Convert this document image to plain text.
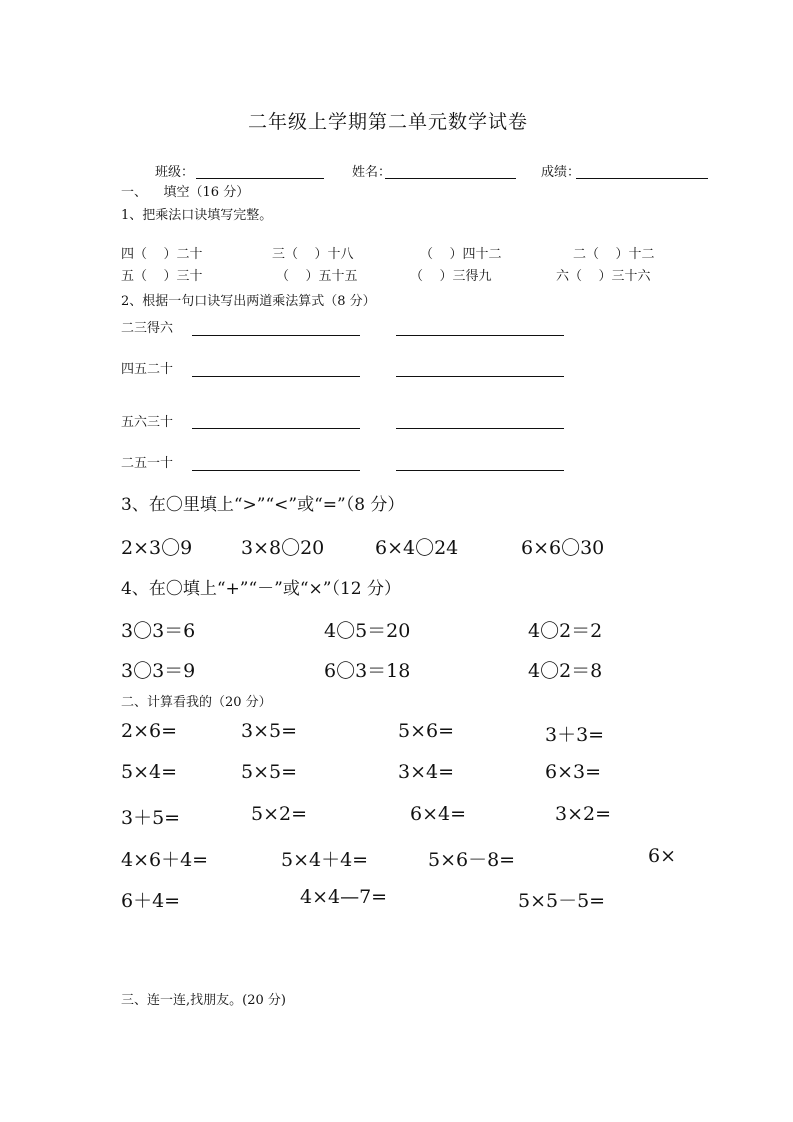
二年级上学期第二单元数学试卷
班级：	姓名：	成绩：
一、    填空（16 分）
1、把乘法口诀填写完整。
四（    ）二十	三（    ）十八	（    ）四十二	二（    ）十二
五（    ）三十	（    ）五十五	（    ）三得九	六（    ）三十六
2、根据一句口诀写出两道乘法算式（8 分）
二三得六
四五二十
五六三十
二五一十
3、在〇里填上“>”“<”或“=”（8 分）
2×3〇9	3×8〇20	6×4〇24	6×6〇30
4、在〇填上“+”“－”或“×”（12 分）
3〇3＝6	4〇5＝20	4〇2＝2
3〇3＝9	6〇3＝18	4〇2＝8
二、计算看我的（20 分）
2×6=	3×5=	5×6=	3＋3=
5×4=	5×5=	3×4=	6×3=
3＋5=	5×2=	6×4=	3×2=
4×6＋4=	5×4＋4=	5×6－8=	6×
6＋4=	4×4—7=	5×5－5=
三、连一连,找朋友。(20 分)
